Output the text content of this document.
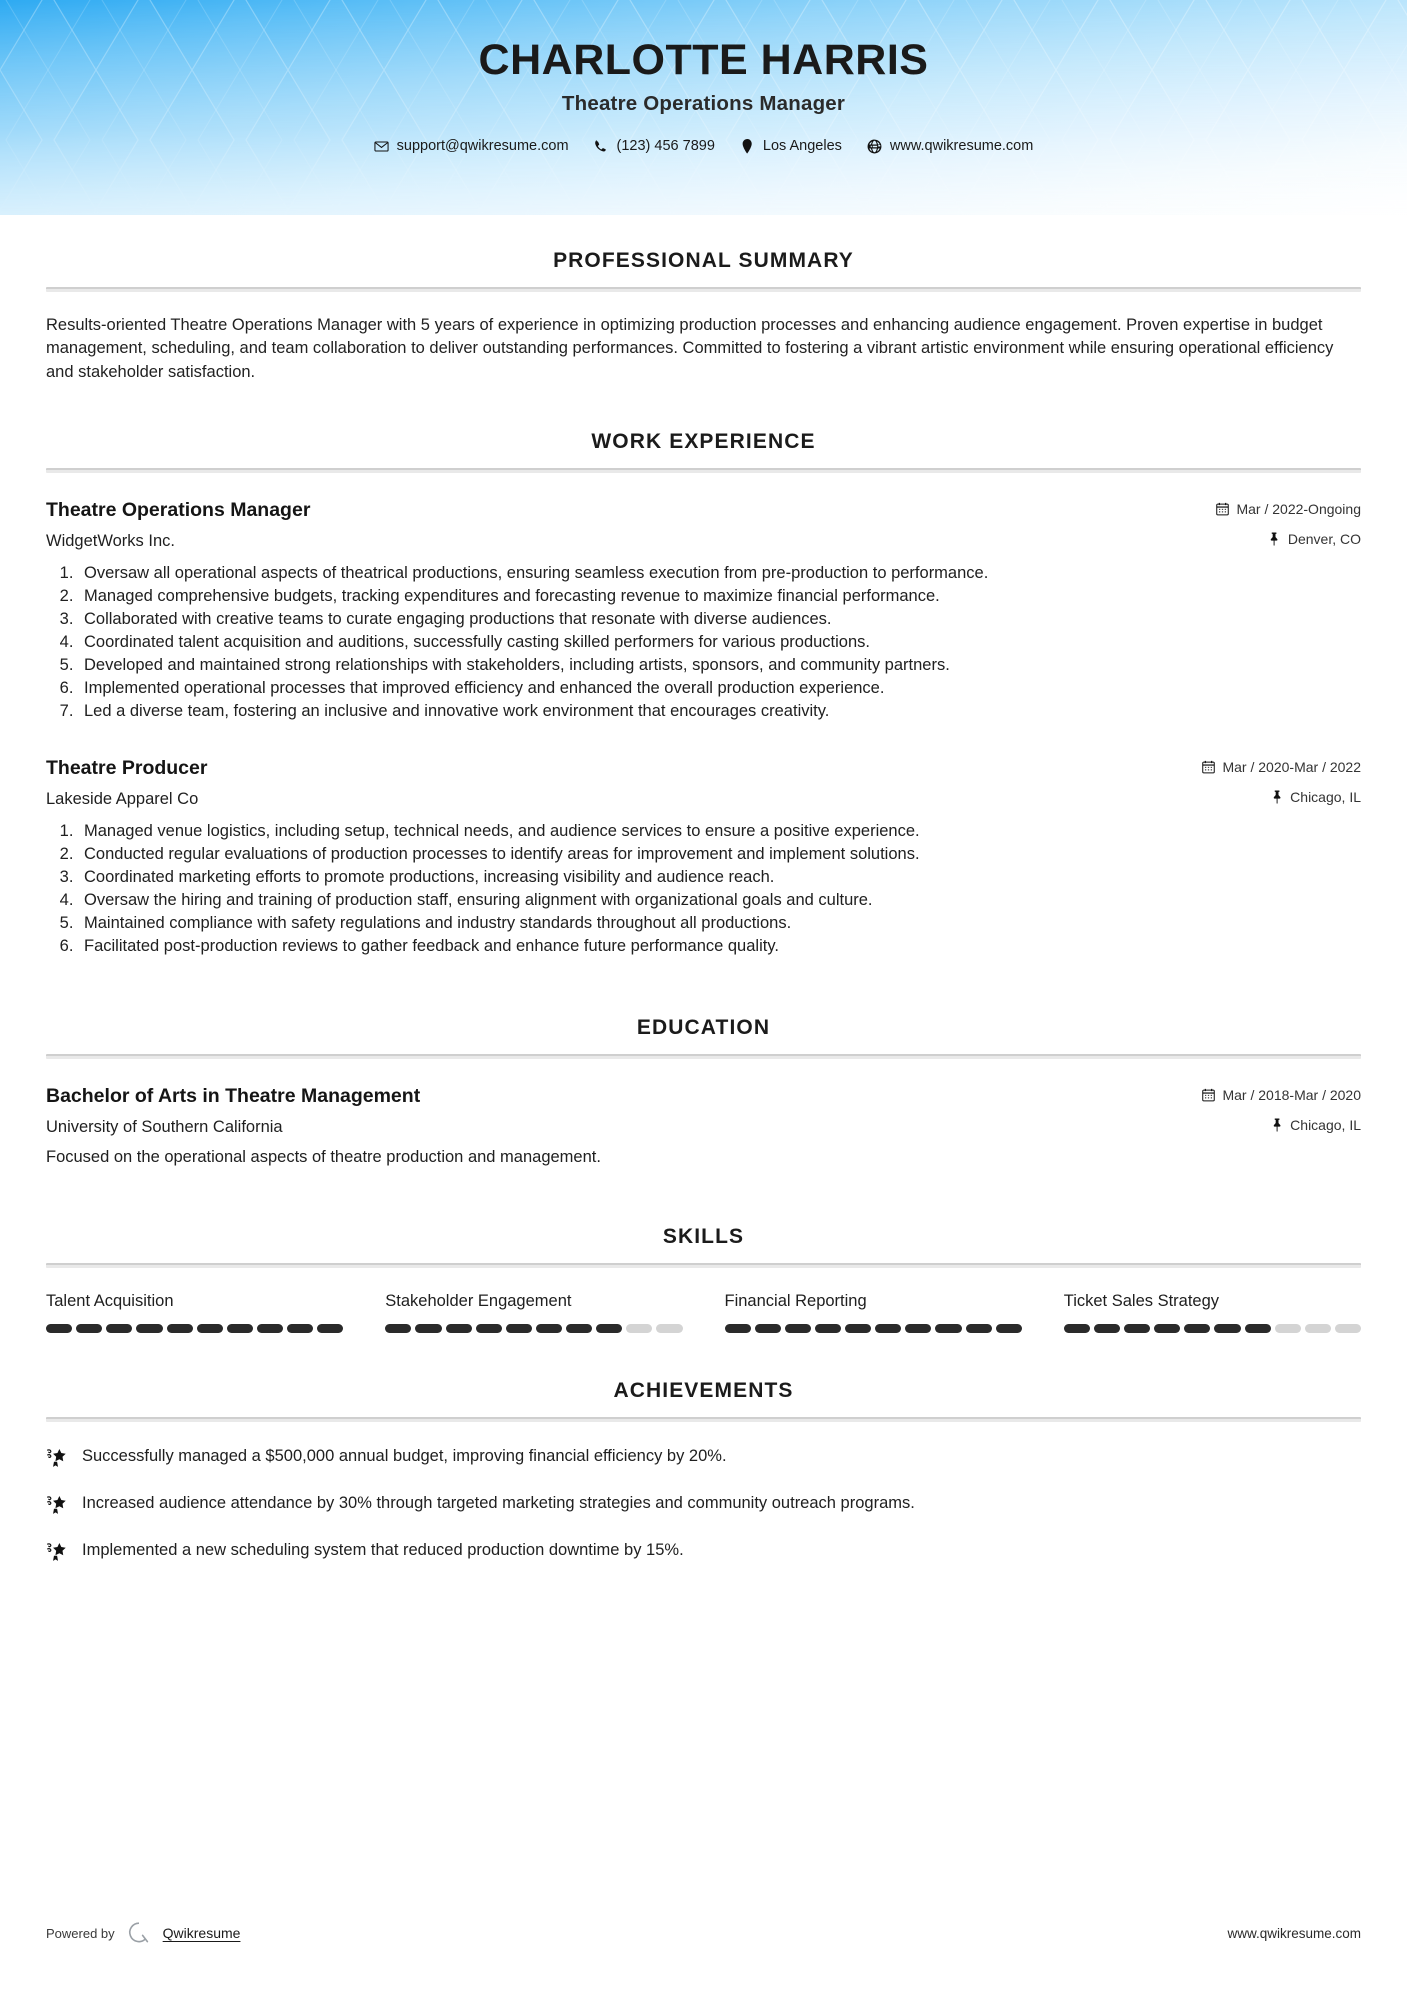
CHARLOTTE HARRIS
Theatre Operations Manager
support@qwikresume.com	(123) 456 7899	Los Angeles	www.qwikresume.com
PROFESSIONAL SUMMARY

Results-oriented Theatre Operations Manager with 5 years of experience in optimizing production processes and enhancing audience engagement. Proven expertise in budget management, scheduling, and team collaboration to deliver outstanding performances. Committed to fostering a vibrant artistic environment while ensuring operational efficiency and stakeholder satisfaction.

WORK EXPERIENCE
Theatre Operations Manager	Mar / 2022-Ongoing
WidgetWorks Inc.	Denver, CO
1. Oversaw all operational aspects of theatrical productions, ensuring seamless execution from pre-production to performance.
2. Managed comprehensive budgets, tracking expenditures and forecasting revenue to maximize financial performance.
3. Collaborated with creative teams to curate engaging productions that resonate with diverse audiences.
4. Coordinated talent acquisition and auditions, successfully casting skilled performers for various productions.
5. Developed and maintained strong relationships with stakeholders, including artists, sponsors, and community partners.
6. Implemented operational processes that improved efficiency and enhanced the overall production experience.
7. Led a diverse team, fostering an inclusive and innovative work environment that encourages creativity.
Theatre Producer	Mar / 2020-Mar / 2022
Lakeside Apparel Co	Chicago, IL
1. Managed venue logistics, including setup, technical needs, and audience services to ensure a positive experience.
2. Conducted regular evaluations of production processes to identify areas for improvement and implement solutions.
3. Coordinated marketing efforts to promote productions, increasing visibility and audience reach.
4. Oversaw the hiring and training of production staff, ensuring alignment with organizational goals and culture.
5. Maintained compliance with safety regulations and industry standards throughout all productions.
6. Facilitated post-production reviews to gather feedback and enhance future performance quality.
EDUCATION
Bachelor of Arts in Theatre Management	Mar / 2018-Mar / 2020
University of Southern California	Chicago, IL
Focused on the operational aspects of theatre production and management.
SKILLS
Talent Acquisition	Stakeholder Engagement	Financial Reporting	Ticket Sales Strategy
ACHIEVEMENTS
Successfully managed a $500,000 annual budget, improving financial efficiency by 20%.
Increased audience attendance by 30% through targeted marketing strategies and community outreach programs.
Implemented a new scheduling system that reduced production downtime by 15%.
Powered by	Qwikresume	www.qwikresume.com
